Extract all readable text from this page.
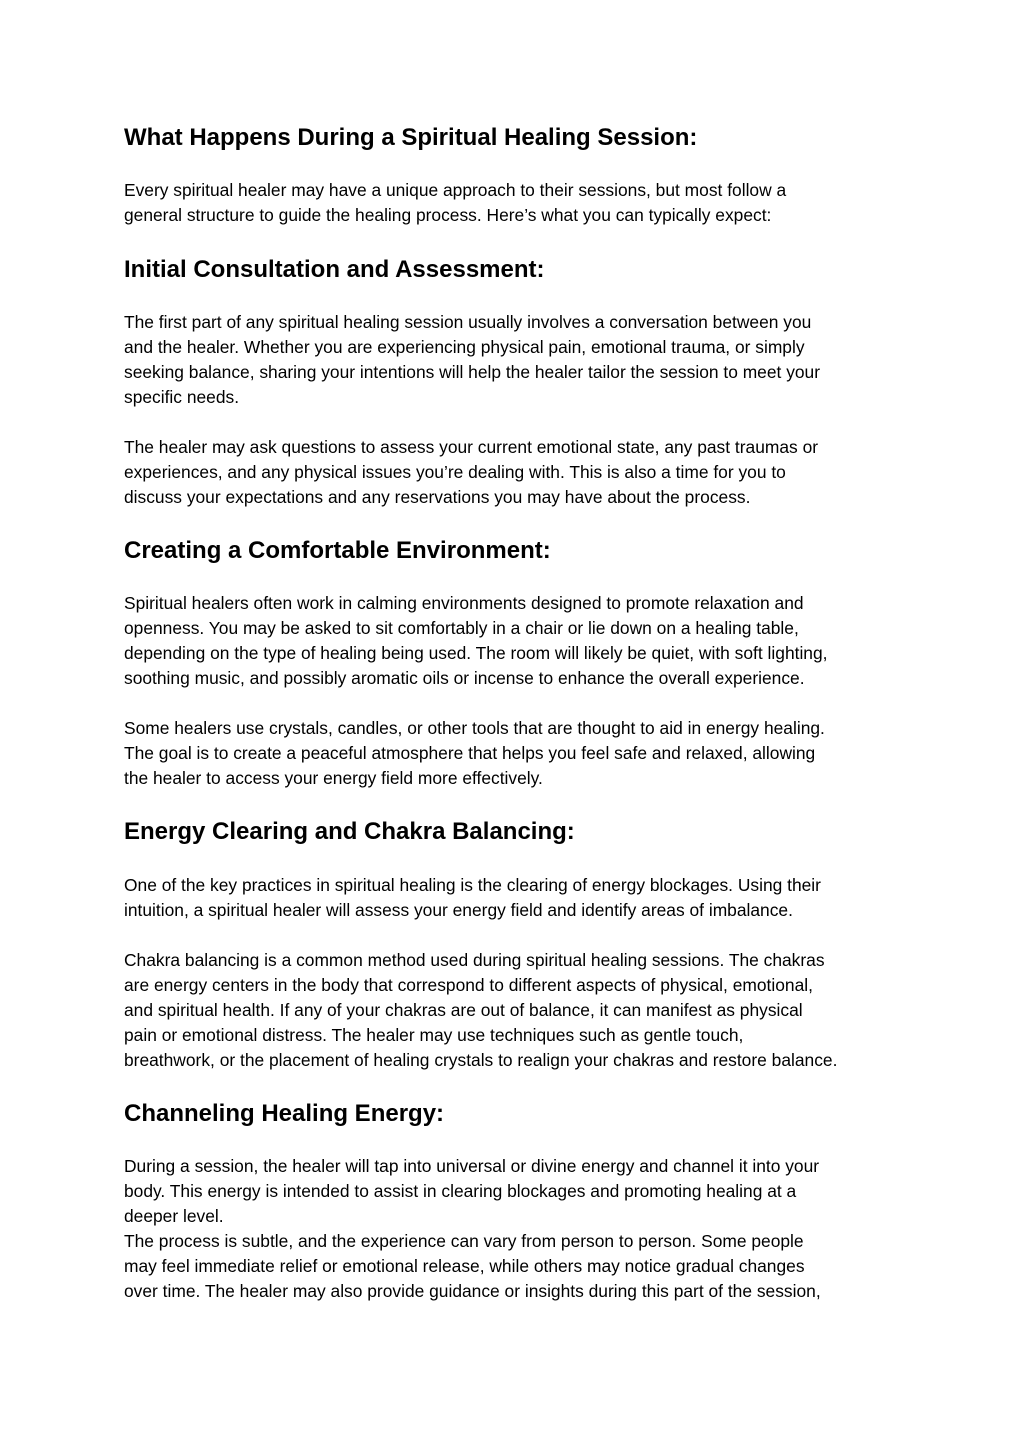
What Happens During a Spiritual Healing Session:

Every spiritual healer may have a unique approach to their sessions, but most follow a
general structure to guide the healing process. Here’s what you can typically expect:

Initial Consultation and Assessment:

The first part of any spiritual healing session usually involves a conversation between you
and the healer. Whether you are experiencing physical pain, emotional trauma, or simply
seeking balance, sharing your intentions will help the healer tailor the session to meet your
specific needs.

The healer may ask questions to assess your current emotional state, any past traumas or
experiences, and any physical issues you’re dealing with. This is also a time for you to
discuss your expectations and any reservations you may have about the process.

Creating a Comfortable Environment:

Spiritual healers often work in calming environments designed to promote relaxation and
openness. You may be asked to sit comfortably in a chair or lie down on a healing table,
depending on the type of healing being used. The room will likely be quiet, with soft lighting,
soothing music, and possibly aromatic oils or incense to enhance the overall experience.

Some healers use crystals, candles, or other tools that are thought to aid in energy healing.
The goal is to create a peaceful atmosphere that helps you feel safe and relaxed, allowing
the healer to access your energy field more effectively.

Energy Clearing and Chakra Balancing:

One of the key practices in spiritual healing is the clearing of energy blockages. Using their
intuition, a spiritual healer will assess your energy field and identify areas of imbalance.

Chakra balancing is a common method used during spiritual healing sessions. The chakras
are energy centers in the body that correspond to different aspects of physical, emotional,
and spiritual health. If any of your chakras are out of balance, it can manifest as physical
pain or emotional distress. The healer may use techniques such as gentle touch,
breathwork, or the placement of healing crystals to realign your chakras and restore balance.

Channeling Healing Energy:

During a session, the healer will tap into universal or divine energy and channel it into your
body. This energy is intended to assist in clearing blockages and promoting healing at a
deeper level.

The process is subtle, and the experience can vary from person to person. Some people
may feel immediate relief or emotional release, while others may notice gradual changes
over time. The healer may also provide guidance or insights during this part of the session,
